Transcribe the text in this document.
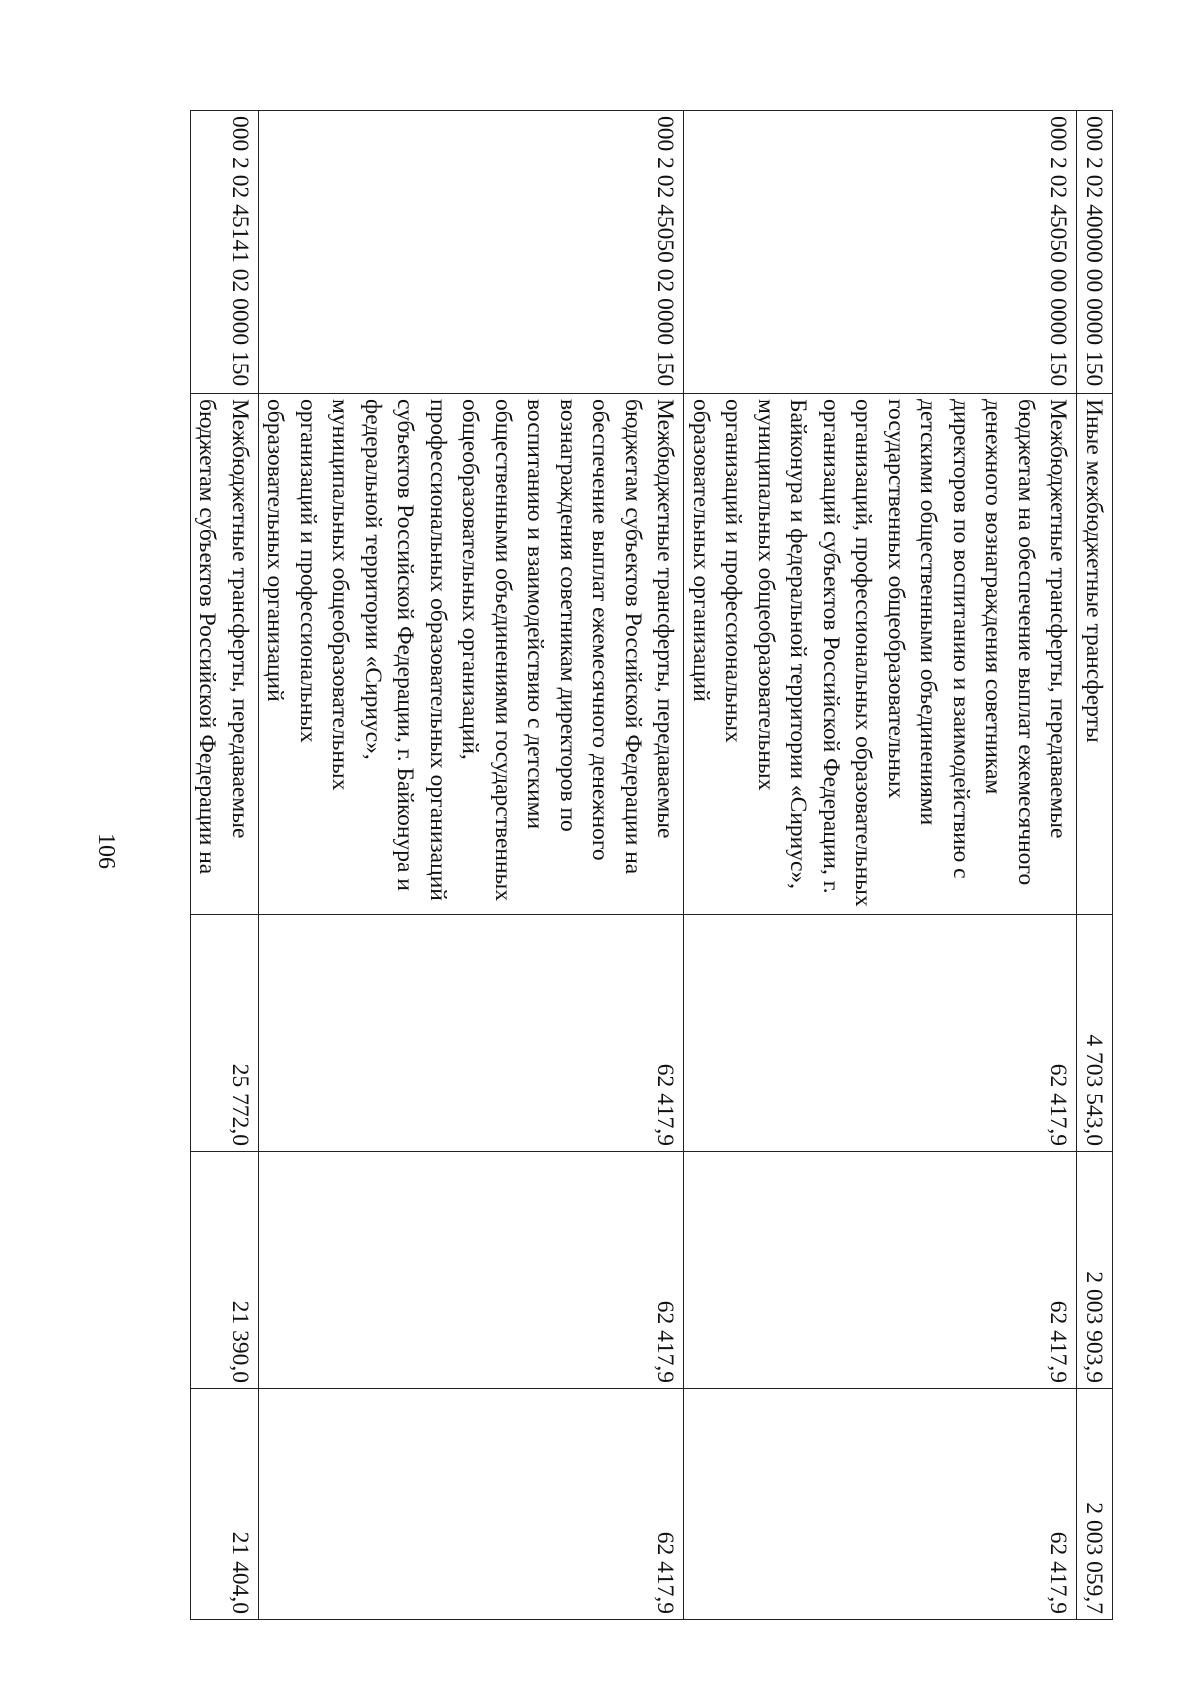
106
000 2 02 40000 00 0000 150	Иные межбюджетные трансферты	4 703 543,0	2 003 903,9	2 003 059,7
000 2 02 45050 00 0000 150	Межбюджетные трансферты, передаваемые бюджетам на обеспечение выплат ежемесячного денежного вознаграждения советникам директоров по воспитанию и взаимодействию с детскими общественными объединениями государственных общеобразовательных организаций, профессиональных образовательных организаций субъектов Российской Федерации, г. Байконура и федеральной территории «Сириус», муниципальных общеобразовательных организаций и профессиональных образовательных организаций	62 417,9	62 417,9	62 417,9
000 2 02 45050 02 0000 150	Межбюджетные трансферты, передаваемые бюджетам субъектов Российской Федерации на обеспечение выплат ежемесячного денежного вознаграждения советникам директоров по воспитанию и взаимодействию с детскими общественными объединениями государственных общеобразовательных организаций, профессиональных образовательных организаций субъектов Российской Федерации, г. Байконура и федеральной территории «Сириус», муниципальных общеобразовательных организаций и профессиональных образовательных организаций	62 417,9	62 417,9	62 417,9
000 2 02 45141 02 0000 150	Межбюджетные трансферты, передаваемые бюджетам субъектов Российской Федерации на	25 772,0	21 390,0	21 404,0
